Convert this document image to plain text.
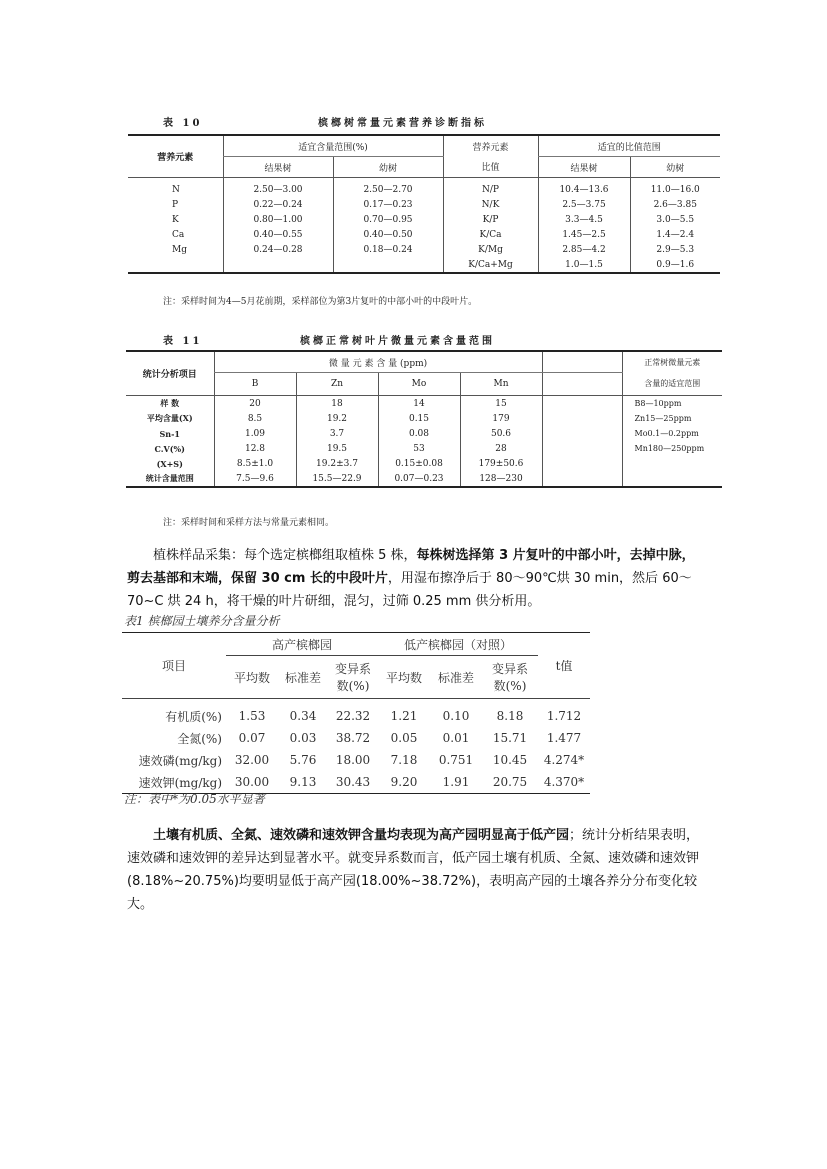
表 10	槟榔树常量元素营养诊断指标
营养元素	适宜含量范围(%)		营养元素	适宜的比值范围	
	结果树	幼树	比值	结果树	幼树
N	2.50—3.00	2.50—2.70	N/P	10.4—13.6	11.0—16.0
P	0.22—0.24	0.17—0.23	N/K	2.5—3.75	2.6—3.85
K	0.80—1.00	0.70—0.95	K/P	3.3—4.5	3.0—5.5
Ca	0.40—0.55	0.40—0.50	K/Ca	1.45—2.5	1.4—2.4
Mg	0.24—0.28	0.18—0.24	K/Mg	2.85—4.2	2.9—5.3
			K/Ca+Mg	1.0—1.5	0.9—1.6
注：采样时间为4—5月花前期，采样部位为第3片复叶的中部小叶的中段叶片。
表 11	槟榔正常树叶片微量元素含量范围
统计分析项目	微 量 元 素 含 量 (ppm)					正常树微量元素
	B	Zn	Mo	Mn		含量的适宜范围
样 数	20	18	14	15		B8—10ppm
平均含量(X)	8.5	19.2	0.15	179		Zn15—25ppm
Sn-1	1.09	3.7	0.08	50.6		Mo0.1—0.2ppm
C.V(%)	12.8	19.5	53	28		Mn180—250ppm
(X+S)	8.5±1.0	19.2±3.7	0.15±0.08	179±50.6		
统计含量范围	7.5—9.6	15.5—22.9	0.07—0.23	128—230		
注：采样时间和采样方法与常量元素相同。
植株样品采集：每个选定槟榔组取植株 5 株，每株树选择第 3 片复叶的中部小叶，去掉中脉，剪去基部和末端，保留 30 cm 长的中段叶片，用湿布擦净后于 80～90℃烘 30 min，然后 60～70~C 烘 24 h，将干燥的叶片研细，混匀，过筛 0.25 mm 供分析用。
表1 槟榔园土壤养分含量分析
项目	高产槟榔园			低产槟榔园（对照）			t值
	平均数	标准差	变异系
数(%)	平均数	标准差	变异系
数(%)	
有机质(%)	1.53	0.34	22.32	1.21	0.10	8.18	1.712
全氮(%)	0.07	0.03	38.72	0.05	0.01	15.71	1.477
速效磷(mg/kg)	32.00	5.76	18.00	7.18	0.751	10.45	4.274*
速效钾(mg/kg)	30.00	9.13	30.43	9.20	1.91	20.75	4.370*
注：表中*为0.05水平显著
土壤有机质、全氮、速效磷和速效钾含量均表现为高产园明显高于低产园；统计分析结果表明，速效磷和速效钾的差异达到显著水平。就变异系数而言，低产园土壤有机质、全氮、速效磷和速效钾(8.18%~20.75%)均要明显低于高产园(18.00%~38.72%)，表明高产园的土壤各养分分布变化较大。
